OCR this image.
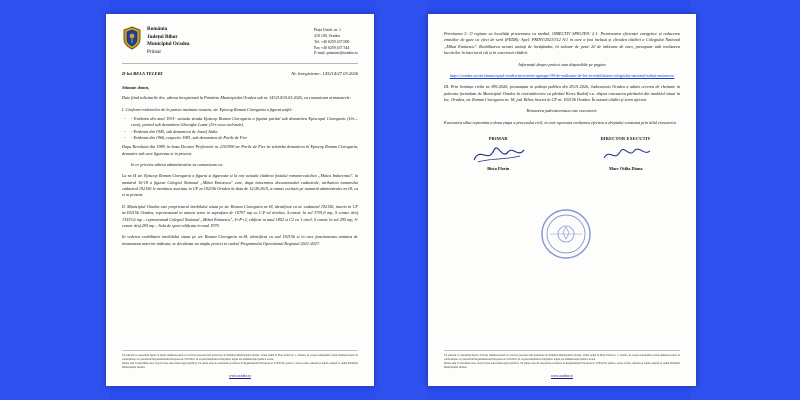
România
Județul Bihor
Municipiul Oradea
Primar
Piața Unirii, nr. 1
410 100, Oradea
Tel. +40 0259 437 000
Fax +40 0259 437 544
E-mail: primarie@oradea.ro
D-lui BELA TELEKI	Nr. înregistrare: 143214/27.03.2026
Stimate domn,
Date fiind solicitarile dvs. adresa înregistrată la Primăria Municipiului Oradea sub nr. 143214/10.03.2026, va comunicam urmatoarele:
I. Conform evidentelor de la partea institutia noastra, str. Episcop Roman Ciorogariu a figurat astfel:
- - Evidenta din anul 1931- actuala strada Episcop Roman Ciorogariu a figurat partial sub denumirea Episcopul Ciorogariu (Uri—cova), partial sub denumirea Gheorghe Lazar (Uri-coca etal-mzir).
- - Evidenta din 1945, sub denumirea de Jozsef Attila
- - Evidenta din 1966, respectiv 1981, sub denumirea de Porile de Fier
Dupa Revolutia din 1989, în baza Deciziei Prefecturii nr 2101990 str Porile de Fier isi schimba denumirea în Episcop Roman Ciorogariu, denumire sub care figureaza si in prezent.
In ce priveste adresa administrativa va comunicam ca:
La nr.14 str. Episcop Roman Ciorogariu a figurat si figureaza si la ora actuala cladirea fostului romano-catolica „Maica Indurerata", la numarul 16-18 a figurat Colegiul National „Mihai Eminescu" care, dupa intocmirea documentatiei cadastrale, atribuirea numarului cadastral 192156 le mentinea asociata in CF nr.192156 Oradea la data de 12.08.2015, a ramas exclusiv pe numarul administrativ nr.18, ca si in prezent.
II. Municipiul Oradea este proprietarul imobilului situat pe str. Roman Ciorogariu nr.18, identificat cu nr. cadastral 192156, inscris in CF nr.192156 Oradea, reprezentand in natura teren in suprafata de 10707 mp cu C.F.-ul nivelun, S.constr. la sol 3791,6 mp, S constr. desf 13533,6 mp – reprezentand Colegiul National „Mihai Eminescu", S+P+2, edificat in anul 1852 si C2 cu 1 nivel, S constr. la sol 295 mp, S-constr. desf.295 mp – Sala de sport edificata in anul 1979.
In vederea reabilitarii imobilului situat pe str. Roman Ciorogariu nr.18, identificat cu cad 192156 si in care functioneaza unitatea de invatamant anterior indicata, se deruleaza un amplu proiect in cadrul Programului Operational Regional 2021-2027:
Vă aducem la cunoștință faptul că datele dumneavoastră cu caracter personal sunt prelucrate de Primăria Municipiului Oradea, având sediul în Piața Unirii nr. 1, Oradea, în scopul soluționării cererii dumneavoastră, în conformitate cu prevederile Regulamentului European nr. 679/2016, în scopul îndeplinirii obligațiilor legale ale administrației publice locale.
Datele sunt fi dezvăluite unor terți în baza unui temei legal justificat. Vă puteți exercita drepturile prevăzute în Regulamentul European nr. 679/2016, printr-o cerere scrisă, semnată și datată, depusă la sediul Primăriei Municipiului Oradea.
www.oradea.ro
Prioritatea 3: O regiune cu localități prietenoase cu mediul, OBIECTIV SPECIFIC 2.1: Promovarea eficienței energetice și reducerea emisiilor de gaze cu efect de seră (FEDR); Apel: PRINV/2023/312 A/1 in care a fost inclusă și cliradea clădirii a Colegiului National „Mihai Eminescu". Reabilitarea acestei unitați de învățământ, în valoare de peste 20 de milioane de euro, presupune atât realizarea lucrărilor în interiorul cât și în exteriorul clădirii.
Informații despre proiect sunt disponibile pe pagina
https://oradea.ro/stiri/municipiul-oradea-investeste-aproape-99-de-milioane-de-lei-in-reabilitarea-colegiului-national-mihai-eminescu/
III. Prin Sentința civila nr. 891/2026, pronunțata in ședința publica din 29.01.2026, Judecatoria Oradea a admis cererea de chemare in judecata formulata de Municipiul Oradea în contradictoriu cu pârâtul Keres Rudolf s.a. dispus evacuarea părâtului din imobilul situat în loc. Oradea, str. Roman Ciorogariu nr. 18, jud. Bihor, înscris în CF nr. 192156 Oradea. În natură clădiri și teren aferent.
Hotararea judecatoreasca este executorie.
Evacuarea silita reprezinta a doua etapa a procesului civil, in care opereaza realizarea efectiva a dreptului constatat prin titlul executoriu.
PRIMAR
Birta Florin
DIRECTOR EXECUTIV
Marc Otilia Diana
Vă aducem la cunoștință faptul că datele dumneavoastră cu caracter personal sunt prelucrate de Primăria Municipiului Oradea, având sediul în Piața Unirii nr. 1, Oradea, în scopul soluționării cererii dumneavoastră, în conformitate cu prevederile Regulamentului European nr. 679/2016, în scopul îndeplinirii obligațiilor legale ale administrației publice locale.
Datele sunt fi dezvăluite unor terți în baza unui temei legal justificat. Vă puteți exercita drepturile prevăzute în Regulamentul European nr. 679/2016, printr-o cerere scrisă, semnată și datată, depusă la sediul Primăriei Municipiului Oradea.
www.oradea.ro
